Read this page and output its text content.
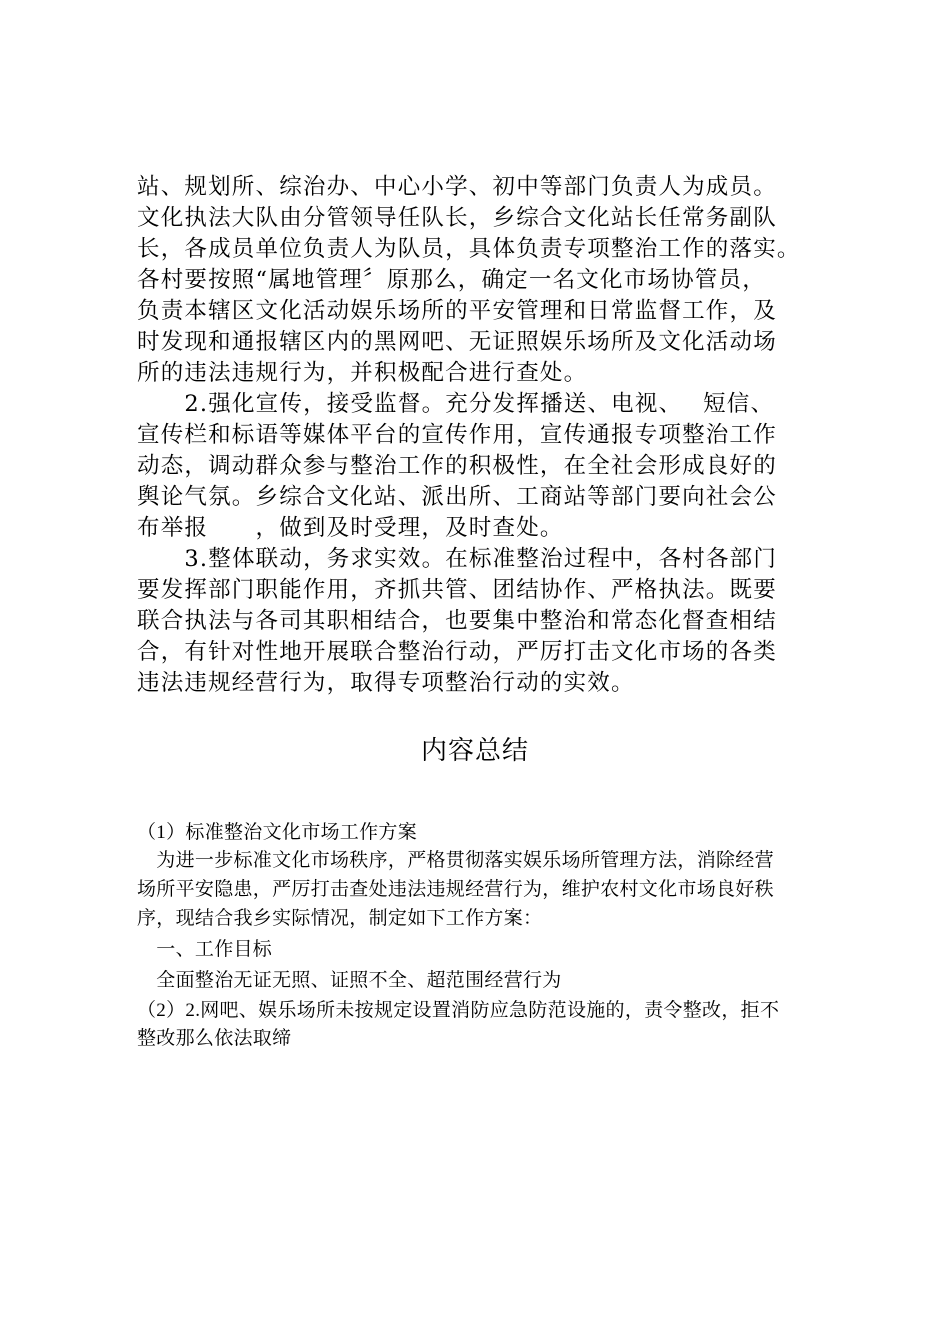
站、规划所、综治办、中心小学、初中等部门负责人为成员。
文化执法大队由分管领导任队长，乡综合文化站长任常务副队
长，各成员单位负责人为队员，具体负责专项整治工作的落实。
各村要按照“属地管理〞原那么，确定一名文化市场协管员，
负责本辖区文化活动娱乐场所的平安管理和日常监督工作，及
时发现和通报辖区内的黑网吧、无证照娱乐场所及文化活动场
所的违法违规行为，并积极配合进行查处。
　　2.强化宣传，接受监督。充分发挥播送、电视、　 短信、
宣传栏和标语等媒体平台的宣传作用，宣传通报专项整治工作
动态，调动群众参与整治工作的积极性，在全社会形成良好的
舆论气氛。乡综合文化站、派出所、工商站等部门要向社会公
布举报　　，做到及时受理，及时查处。
　　3.整体联动，务求实效。在标准整治过程中，各村各部门
要发挥部门职能作用，齐抓共管、团结协作、严格执法。既要
联合执法与各司其职相结合，也要集中整治和常态化督查相结
合，有针对性地开展联合整治行动，严厉打击文化市场的各类
违法违规经营行为，取得专项整治行动的实效。
内容总结
（1）标准整治文化市场工作方案
　为进一步标准文化市场秩序，严格贯彻落实娱乐场所管理方法，消除经营
场所平安隐患，严厉打击查处违法违规经营行为，维护农村文化市场良好秩
序，现结合我乡实际情况，制定如下工作方案：
　一、工作目标
　全面整治无证无照、证照不全、超范围经营行为
（2）2.网吧、娱乐场所未按规定设置消防应急防范设施的，责令整改，拒不
整改那么依法取缔
